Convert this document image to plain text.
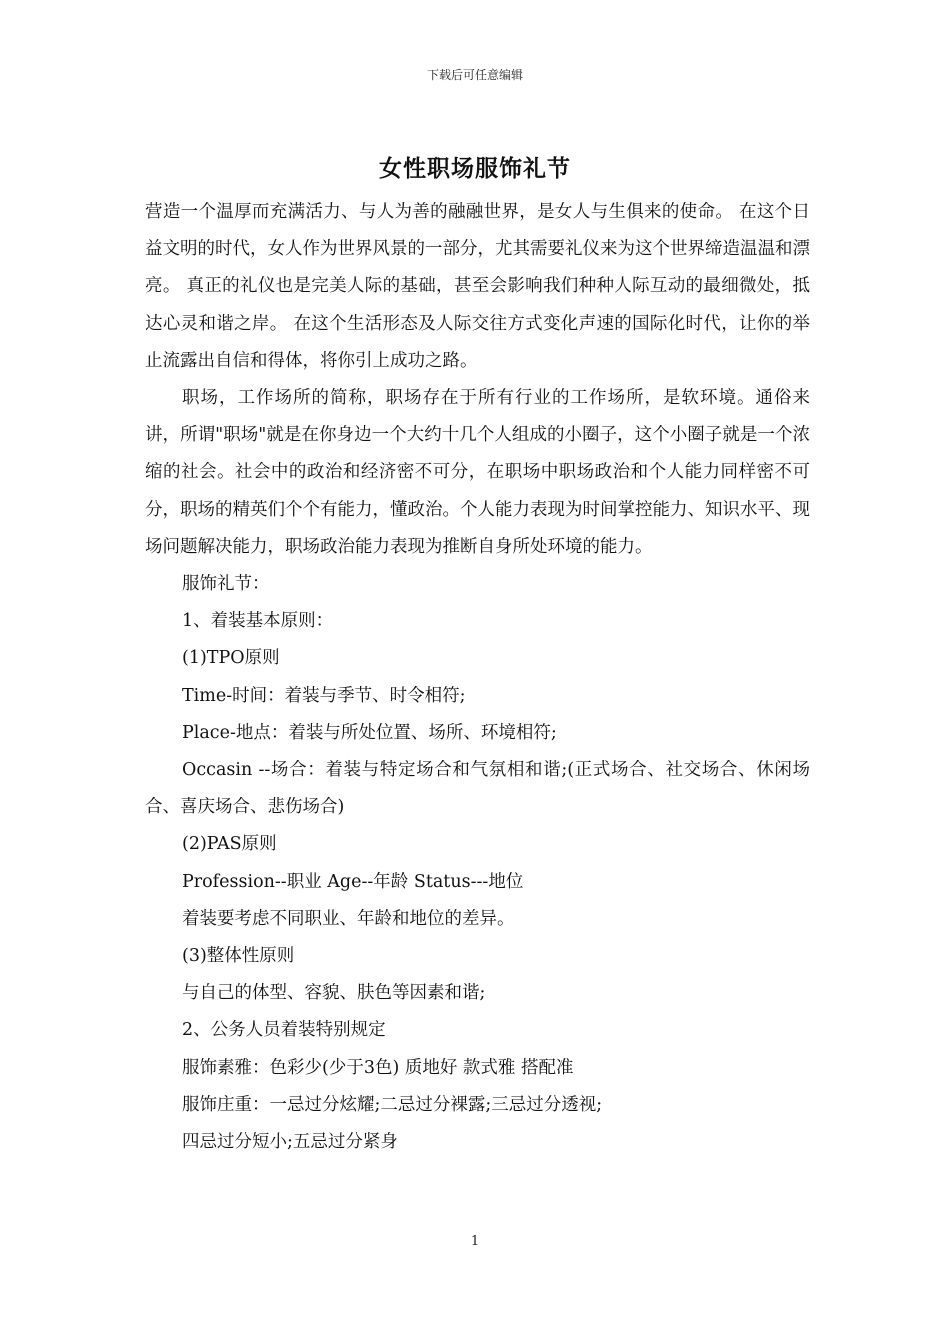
下载后可任意编辑
女性职场服饰礼节

营造一个温厚而充满活力、与人为善的融融世界，是女人与生俱来的使命。 在这个日益文明的时代，女人作为世界风景的一部分，尤其需要礼仪来为这个世界缔造温温和漂亮。 真正的礼仪也是完美人际的基础，甚至会影响我们种种人际互动的最细微处，抵达心灵和谐之岸。 在这个生活形态及人际交往方式变化声速的国际化时代，让你的举止流露出自信和得体，将你引上成功之路。

职场，工作场所的简称，职场存在于所有行业的工作场所，是软环境。通俗来讲，所谓"职场"就是在你身边一个大约十几个人组成的小圈子，这个小圈子就是一个浓缩的社会。社会中的政治和经济密不可分，在职场中职场政治和个人能力同样密不可分，职场的精英们个个有能力，懂政治。个人能力表现为时间掌控能力、知识水平、现场问题解决能力，职场政治能力表现为推断自身所处环境的能力。

服饰礼节：

1、着装基本原则：

(1)TPO原则

Time-时间：着装与季节、时令相符;

Place-地点：着装与所处位置、场所、环境相符;

Occasin --场合：着装与特定场合和气氛相和谐;(正式场合、社交场合、休闲场合、喜庆场合、悲伤场合)

(2)PAS原则

Profession--职业 Age--年龄 Status---地位

着装要考虑不同职业、年龄和地位的差异。

(3)整体性原则

与自己的体型、容貌、肤色等因素和谐;

2、公务人员着装特别规定

服饰素雅：色彩少(少于3色) 质地好 款式雅 搭配准

服饰庄重：一忌过分炫耀;二忌过分裸露;三忌过分透视;

四忌过分短小;五忌过分紧身

1
